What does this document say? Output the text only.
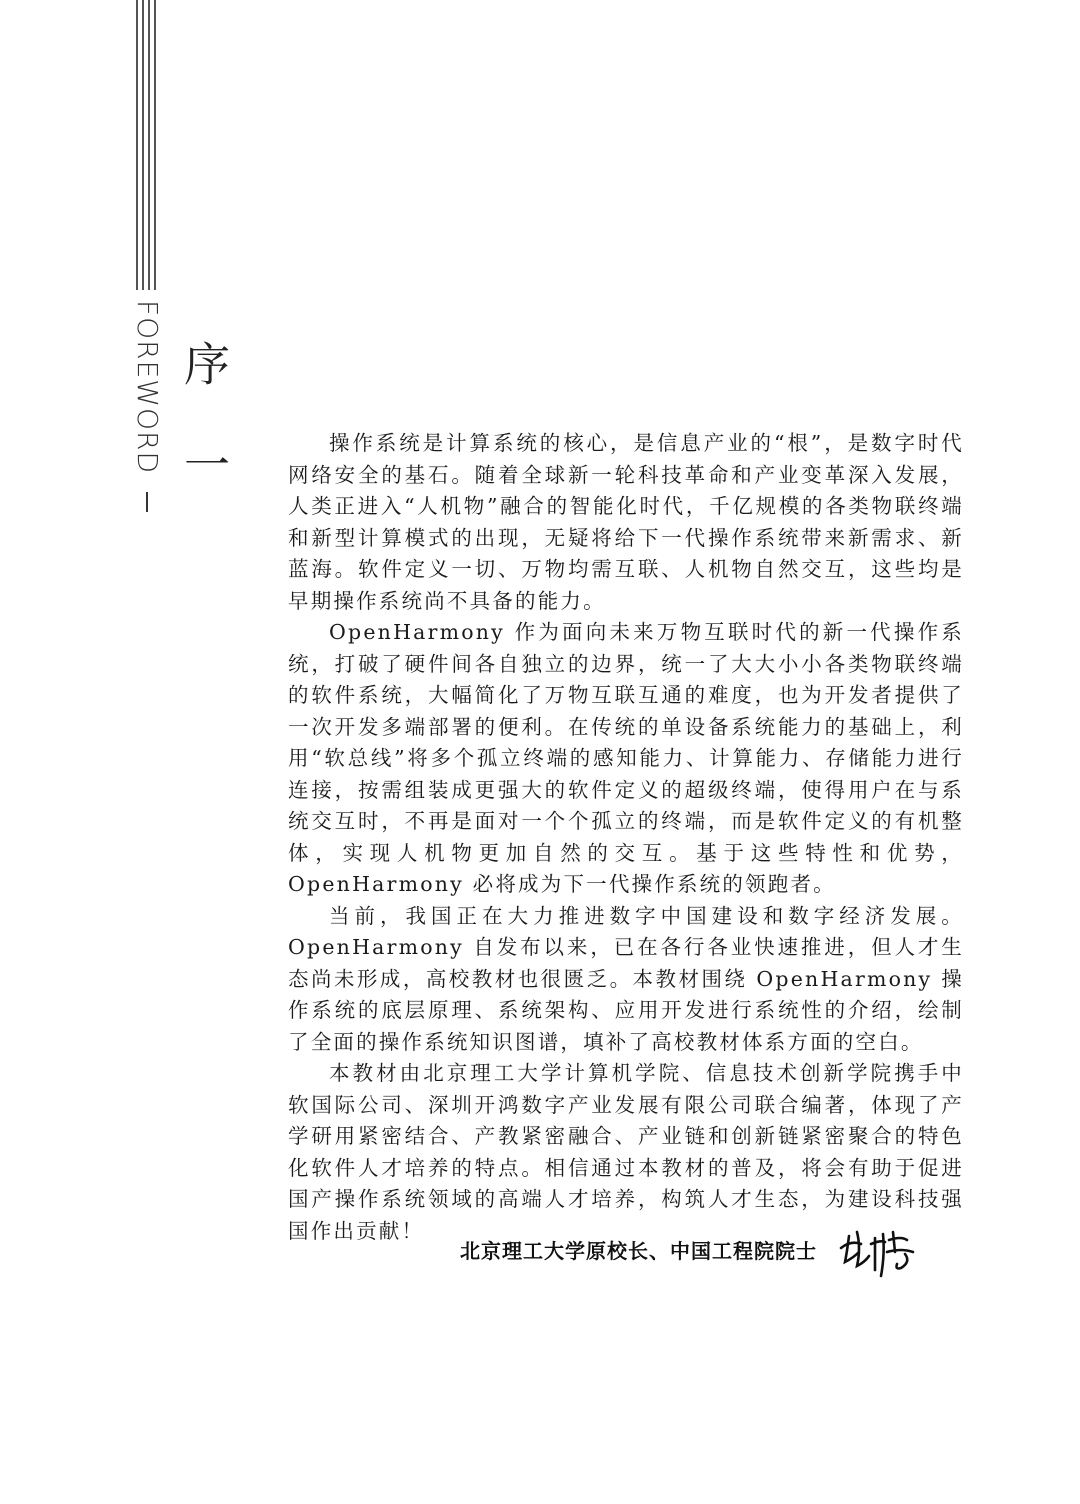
FOREWORD 序 一	操作系统是计算系统的核心，是信息产业的“根”，是数字时代网络安全的基石。随着全球新一轮科技革命和产业变革深入发展，人类正进入“人机物”融合的智能化时代，千亿规模的各类物联终端和新型计算模式的出现，无疑将给下一代操作系统带来新需求、新蓝海。软件定义一切、万物均需互联、人机物自然交互，这些均是早期操作系统尚不具备的能力。

OpenHarmony 作为面向未来万物互联时代的新一代操作系统，打破了硬件间各自独立的边界，统一了大大小小各类物联终端的软件系统，大幅简化了万物互联互通的难度，也为开发者提供了一次开发多端部署的便利。在传统的单设备系统能力的基础上，利用“软总线”将多个孤立终端的感知能力、计算能力、存储能力进行连接，按需组装成更强大的软件定义的超级终端，使得用户在与系统交互时，不再是面对一个个孤立的终端，而是软件定义的有机整体，实现人机物更加自然的交互。基于这些特性和优势，OpenHarmony 必将成为下一代操作系统的领跑者。

当前，我国正在大力推进数字中国建设和数字经济发展。OpenHarmony 自发布以来，已在各行各业快速推进，但人才生态尚未形成，高校教材也很匮乏。本教材围绕 OpenHarmony 操作系统的底层原理、系统架构、应用开发进行系统性的介绍，绘制了全面的操作系统知识图谱，填补了高校教材体系方面的空白。

本教材由北京理工大学计算机学院、信息技术创新学院携手中软国际公司、深圳开鸿数字产业发展有限公司联合编著，体现了产学研用紧密结合、产教紧密融合、产业链和创新链紧密聚合的特色化软件人才培养的特点。相信通过本教材的普及，将会有助于促进国产操作系统领域的高端人才培养，构筑人才生态，为建设科技强国作出贡献！

北京理工大学原校长、中国工程院院士
